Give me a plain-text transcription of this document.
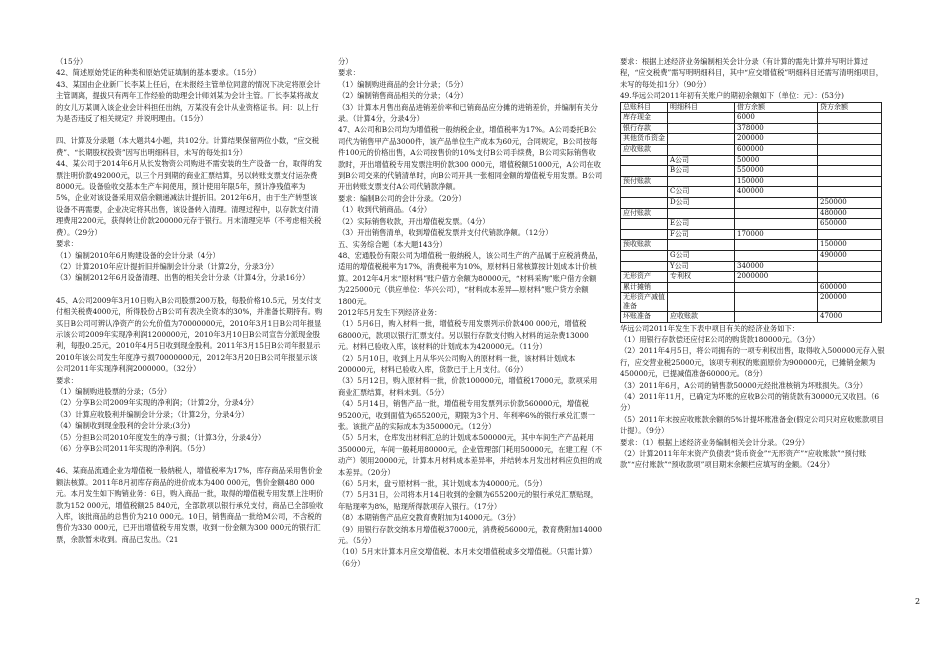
（15分）

42、简述原始凭证的种类和原始凭证填制的基本要求。（15分）

43、某国由企业新厂长李某上任后，在未报经主管单位同意的情况下决定将原会计主管调离，提拔只有两年工作经验的助理会计师刘某为会计主管。厂长李某将战友的女儿万某调入该企业会计科担任出纳，万某没有会计从业资格证书。问：以上行为是否违反了相关规定？并说明理由。（15分）

四、计算及分录题（本大题共4小题，共102分。计算结果保留两位小数，“应交税费”、“长期股权投资”因写出明细科目，未写的每处扣1分）

44、某公司于2014年6月从长发物资公司购进不需安装的生产设备一台，取得的发票注明价款492000元，以三个月到期的商业汇票结算，另以转账支票支付运杂费8000元。设备验收交基本生产车间使用，预计使用年限5年，预计净残值率为5%，企业对该设备采用双倍余额递减法计提折旧。2012年6月，由于生产转型该设备不再需要，企业决定将其出售，该设备转入清理。清理过程中，以存款支付清理费用2200元，获得转让价款200000元存于银行。月末清理完毕（不考虑相关税费）。（29分）

要求：

（1）编制2010年6月购建设备的会计分录（4分）

（2）计算2010年应计提折旧并编制会计分录（计算2分，分录3分）

（3）编制2012年6月设备清理、出售的相关会计分录（计算4分，分录16分）

45、A公司2009年3月10日购入B公司股票200万股，每股价格10.5元，另支付支付相关税费4000元，所得股份占B公司有表决全资本的30%，并准备长期持有。购买日B公司可辨认净资产的公允价值为70000000元，2010年3月1日B公司年报显示该公司2009年实现净利润1200000元，2010年3月10日B公司宣告分派现金股利，每股0.25元，2010年4月5日收到现金股利。2011年3月15日B公司年报显示2010年该公司发生年度净亏损70000000元，2012年3月20日B公司年报显示该公司2011年实现净利润2000000。（32分）

要求：

（1）编制购进股票的分录；（5分）

（2）分享B公司2009年实现的净利润；（计算2分，分录4分）

（3）计算应收股利并编制会计分录；（计算2分，分录4分）

（4）编制收到现金股利的会计分录;(3分)

（5）分担B公司2010年度发生的净亏损；（计算3分，分录4分）

（6）分享B公司2011年实现的净利润。（5分）

46、某商品流通企业为增值税一般纳税人，增值税率为17%，库存商品采用售价金额法核算。2011年8月初库存商品的进价成本为400 000元，售价金额480 000元。本月发生如下购销业务：6日，购入商品一批，取得的增值税专用发票上注明价款为152 000元，增值税额25 840元，全部款项以银行承兑支付，商品已全部验收入库，该批商品的总售价为210 000元。10日，销售商品一批给M公司，不含税的售价为330 000元，已开出增值税专用发票，收到一份金额为300 000元的银行汇票，余款暂未收到。商品已发出。（21

分）

要求：

（1）编制购进商品的会计分录；（5分）

（2）编制销售商品相关的分录；（4分）

（3）计算本月售出商品进销差价率和已销商品应分摊的进销差价，并编制有关分录。（计算4分，分录4分）

47、A公司和B公司均为增值税一般纳税企业，增值税率为17%。A公司委托B公司代为销售甲产品3000件，该产品单位生产成本为60元，合同规定，B公司按每件100元的价格出售，A公司按售价的10%支付B公司手续费，B公司实际销售收款时，开出增值税专用发票注明价款300 000元，增值税额51000元，A公司在收到B公司交来的代销清单时，向B公司开具一张相同金额的增值税专用发票。B公司开出转账支票支付A公司代销款净额。

要求：编制B公司的会计分录。（20分）

（1）收到代销商品。（4分）

（2）实际销售收款，开出增值税发票。（4分）

（3）开出销售清单，收到增值税发票并支付代销款净额。（12分）

五、实务综合题（本大题143分）

48、宏通股份有限公司为增值税一般纳税人，该公司生产的产品属于应税消费品，适用的增值税税率为17%，消费税率为10%，原材料日常核算按计划成本计价核算。2012年4月末“原材料”账户借方余额为80000元，“材料采购”账户借方余额为225000元（供应单位：华兴公司），“材料成本差异—原材料”账户贷方余额1800元。

2012年5月发生下列经济业务：

（1）5月6日，购入材料一批，增值税专用发票列示价款400 000元，增值税68000元，款项以银行汇票支付。另以银行存款支付购入材料的运杂费13000元。材料已验收入库，该材料的计划成本为420000元。（11分）

（2）5月10日，收到上月从华兴公司购入的原材料一批，该材料计划成本200000元，材料已验收入库，货款已于上月支付。（6分）

（3）5月12日，购入原材料一批，价款100000元，增值税17000元，款项采用商业汇票结算，材料未到。（5分）

（4）5月14日，销售产品一批，增值税专用发票列示价款560000元，增值税95200元，收到面值为655200元，期限为3个月、年利率6%的银行承兑汇票一张。该批产品的实际成本为350000元。（12分）

（5）5月末，仓库发出材料汇总的计划成本500000元，其中车间生产产品耗用350000元，车间一般耗用80000元，企业管理部门耗用50000元，在建工程（不动产）领用20000元，计算本月材料成本差异率，并结转本月发出材料应负担的成本差异。（20分）

（6）5月末，盘亏原材料一批，其计划成本为40000元。（5分）

（7）5月31日，公司将本月14日收到的金额为655200元的银行承兑汇票贴现，年贴现率为8%，贴现所得款项存入银行。（17分）

（8）本期销售产品应交教育费附加为14000元。（3分）

（9）用银行存款交纳本月增值税37000元，消费税56000元，教育费附加14000元。（5分）

（10）5月末计算本月应交增值税、本月未交增值税或多交增值税。（只需计算）（6分）

要求：根据上述经济业务编制相关会计分录（有计算的需先计算并写明计算过程，“应交税费”需写明明细科目，其中“应交增值税”明细科目还需写清明细项目，未写的每处扣1分）（90分）

49.华远公司2011年初有关账户的期初余额如下（单位：元）：(53分)

总账科目	明细科目	借方余额	贷方余额
库存现金		6000	
银行存款		378000	
其他货币资金		200000	
应收账款		600000	
	A公司	50000	
	B公司	550000	
预付账款		150000	
	C公司	400000	
	D公司		250000
应付账款			480000
	E公司		650000
	F公司	170000	
预收账款			150000
	G公司		490000
	Y公司	340000	
无形资产	专利权	2000000	
累计摊销			600000
无形资产减值准备			200000
坏账准备	应收账款		47000

华远公司2011年发生下表中项目有关的经济业务如下：

（1）用银行存款偿还应付E公司的购货款180000元。（3分）

（2）2011年4月5日，将公司拥有的一项专利权出售，取得收入500000元存入银行，应交营业税25000元，该项专利权的账面原价为900000元，已摊销金额为450000元，已提减值准备60000元。（8分）

（3）2011年6月，A公司的销售款50000元经批准核销为坏账损失。（3分）

（4）2011年11月，已确定为坏账的应收B公司的销货款有30000元又收回。（6分）

（5）2011年末按应收账款余额的5%计提坏账准备金(假定公司只对应收账款项目计提）。（9分）

要求：（1）根据上述经济业务编制相关会计分录。（29分）

（2）计算2011年年末资产负债表“货币资金”“无形资产”“应收账款”“预付账款”“应付账款”“预收款项”项目期末余额栏应填写的金额。（24分）

2
